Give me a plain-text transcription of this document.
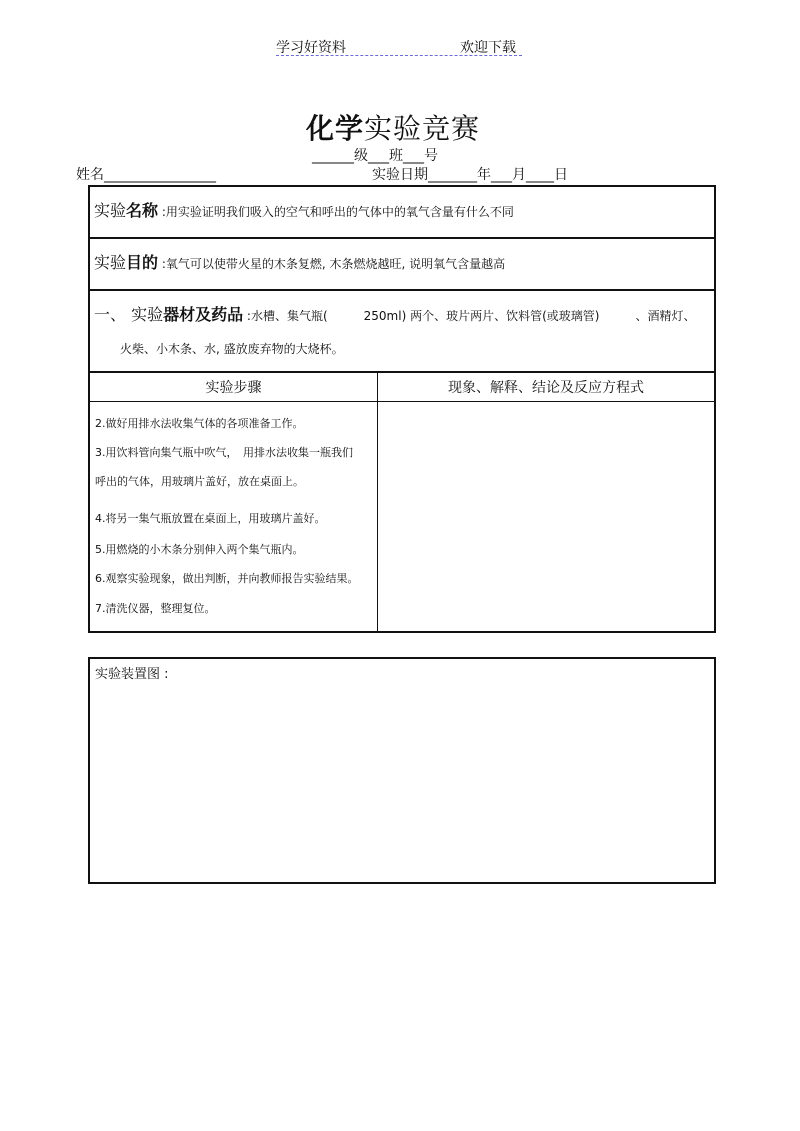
学习好资料	欢迎下载
化学实验竞赛
______级___班___号
姓名________________	实验日期_______年___月____日
实验名称 :用实验证明我们吸入的空气和呼出的气体中的氧气含量有什么不同
实验目的 :氧气可以使带火星的木条复燃, 木条燃烧越旺, 说明氧气含量越高
一、 实验器材及药品 :水槽、集气瓶(　　　250ml) 两个、玻片两片、饮料管(或玻璃管)　　　、酒精灯、
火柴、小木条、水, 盛放废弃物的大烧杯。
实验步骤	现象、解释、结论及反应方程式
2.做好用排水法收集气体的各项准备工作。
3.用饮料管向集气瓶中吹气，　用排水法收集一瓶我们
呼出的气体，用玻璃片盖好，放在桌面上。
4.将另一集气瓶放置在桌面上，用玻璃片盖好。
5.用燃烧的小木条分别伸入两个集气瓶内。
6.观察实验现象，做出判断，并向教师报告实验结果。
7.清洗仪器，整理复位。
实验装置图 :
